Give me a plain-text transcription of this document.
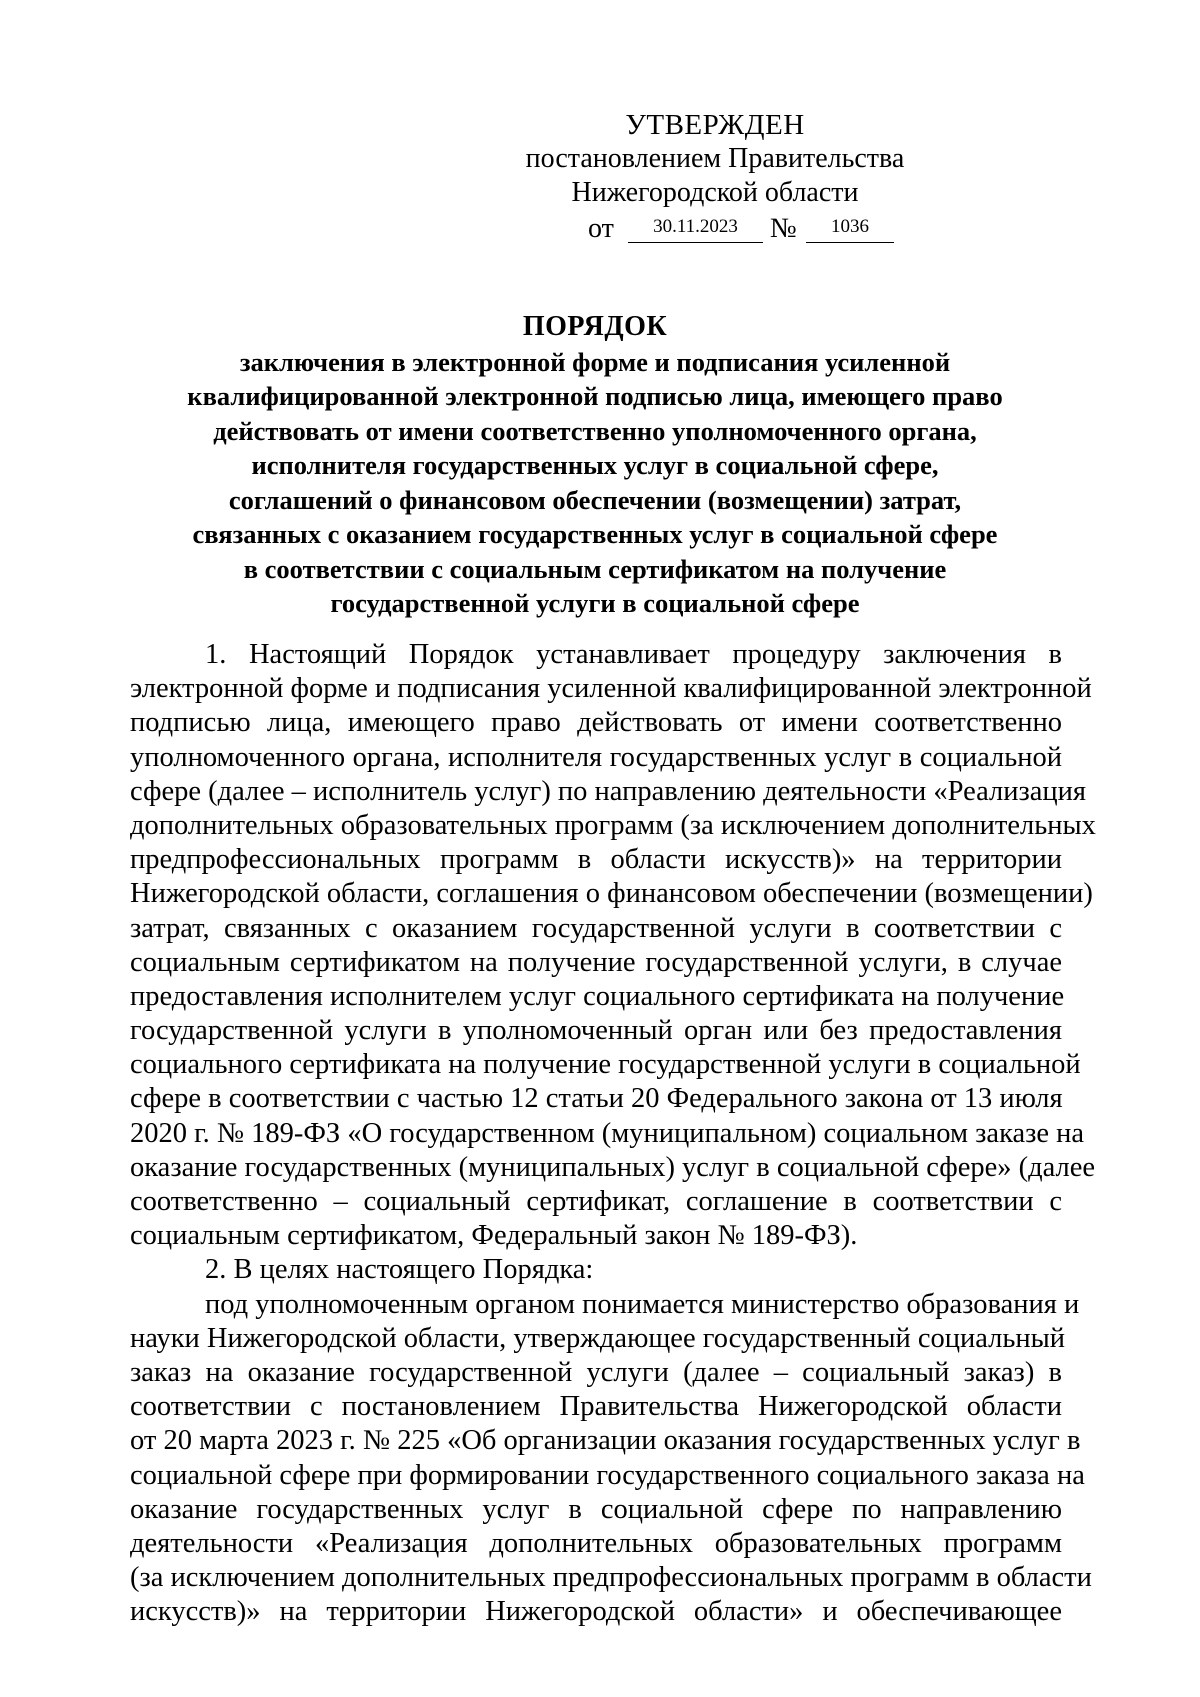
УТВЕРЖДЕН
постановлением Правительства
Нижегородской области
от	30.11.2023	№	1036
ПОРЯДОК
заключения в электронной форме и подписания усиленной
квалифицированной электронной подписью лица, имеющего право
действовать от имени соответственно уполномоченного органа,
исполнителя государственных услуг в социальной сфере,
соглашений о финансовом обеспечении (возмещении) затрат,
связанных с оказанием государственных услуг в социальной сфере
в соответствии с социальным сертификатом на получение
государственной услуги в социальной сфере
1. Настоящий Порядок устанавливает процедуру заключения в
электронной форме и подписания усиленной квалифицированной электронной
подписью лица, имеющего право действовать от имени соответственно
уполномоченного органа, исполнителя государственных услуг в социальной
сфере (далее – исполнитель услуг) по направлению деятельности «Реализация
дополнительных образовательных программ (за исключением дополнительных
предпрофессиональных программ в области искусств)» на территории
Нижегородской области, соглашения о финансовом обеспечении (возмещении)
затрат, связанных с оказанием государственной услуги в соответствии с
социальным сертификатом на получение государственной услуги, в случае
предоставления исполнителем услуг социального сертификата на получение
государственной услуги в уполномоченный орган или без предоставления
социального сертификата на получение государственной услуги в социальной
сфере в соответствии с частью 12 статьи 20 Федерального закона от 13 июля
2020 г. № 189-ФЗ «О государственном (муниципальном) социальном заказе на
оказание государственных (муниципальных) услуг в социальной сфере» (далее
соответственно – социальный сертификат, соглашение в соответствии с
социальным сертификатом, Федеральный закон № 189-ФЗ).
2. В целях настоящего Порядка:
под уполномоченным органом понимается министерство образования и
науки Нижегородской области, утверждающее государственный социальный
заказ на оказание государственной услуги (далее – социальный заказ) в
соответствии с постановлением Правительства Нижегородской области
от 20 марта 2023 г. № 225 «Об организации оказания государственных услуг в
социальной сфере при формировании государственного социального заказа на
оказание государственных услуг в социальной сфере по направлению
деятельности «Реализация дополнительных образовательных программ
(за исключением дополнительных предпрофессиональных программ в области
искусств)» на территории Нижегородской области» и обеспечивающее
